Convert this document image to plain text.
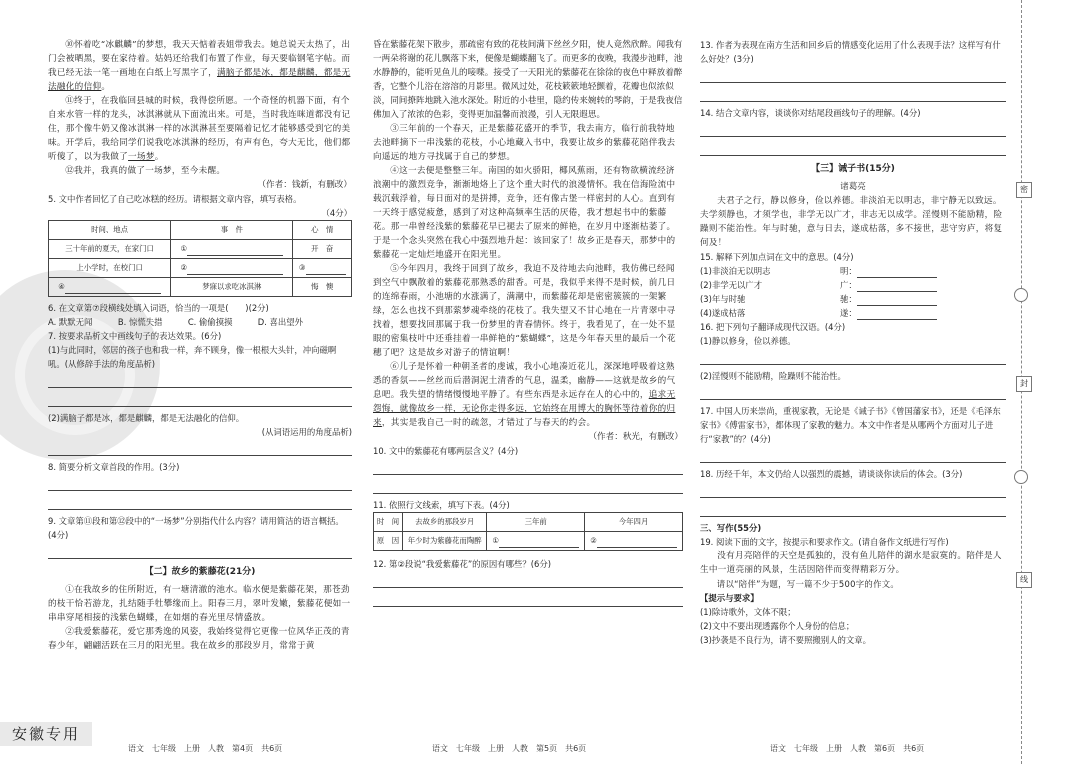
⑩怀着吃“冰麒麟”的梦想，我天天惦着表姐带我去。她总说天太热了，出门会被晒黑，要在家待着。姑妈还给我们布置了作业，每天要临钢笔字帖。而我已经无法一笔一画地在白纸上写黑字了，满脑子都是冰，都是麒麟，都是无法融化的信仰。

⑪终于，在我临回县城的时候，我得偿所愿。一个奇怪的机器下面，有个自来水管一样的龙头，冰淇淋就从下面流出来。可是，当时我连咪道都没有记住，那个像牛奶又像冰淇淋一样的冰淇淋甚至要隔着记忆才能够感受到它的美味。开学后，我给同学们说我吃冰淇淋的经历，有声有色，夸大无比，他们都听傻了，以为我做了一场梦。

⑫我并，我真的做了一场梦，至今未醒。

（作者：钱新，有删改）

5. 文中作者回忆了自己吃冰糕的经历。请根据文章内容，填写表格。

（4分）

时间、地点	事　件	心　情
三十年前的夏天，在家门口	①	开　奋
上小学时，在校门口	②	③
④	梦寐以求吃冰淇淋	悔　懊

6. 在文章第⑦段横线处填入词语，恰当的一项是(　　)(2分)

A. 默默无闻	B. 惊慌失措	C. 偷偷摸摸	D. 喜出望外

7. 按要求品析文中画线句子的表达效果。(6分)

(1)与此同时，邻居的孩子也和我一样，奔不顾身，像一根根大头针，冲向磁啊吼。(从修辞手法的角度品析)

(2)满脑子都是冰，都是麒麟，都是无法融化的信仰。

(从词语运用的角度品析)

8. 简要分析文章首段的作用。(3分)

9. 文章第⑪段和第⑫段中的“一场梦”分别指代什么内容？请用简洁的语言概括。(4分)

【二】故乡的紫藤花(21分)

①在我故乡的住所附近，有一塘清澈的池水。临水便是紫藤花架，那苍劲的枝干恰若游龙，扎结随手牡攀缘而上。阳春三月，翠叶发嫩，紫藤花便如一串串穿尾相接的浅紫色蝴蝶，在如烟的春光里尽情盛放。

②我爱紫藤花，爱它那秀逸的风姿，我始终觉得它更像一位风华正茂的青春少年，翩翩活跃在三月的阳光里。我在故乡的那段岁月，常常于黄

昏在紫藤花架下散步，那疏密有致的花枝间满下丝丝夕阳，使人竟然欣醉。闻我有一两朵将谢的花儿飘落下来，便像是蝴蝶翻飞了。而更多的夜晚，我漫步池畔，池水静静的，能听见鱼儿的唼喋。接受了一天阳光的紫藤花在徐徐的夜色中释放着醉香，它整个儿浴在溶溶的月影里。微风过处，花枝簌簌地轻颤着，花瓣也似浓似淡，同间撩阵地跳入池水深处。附近的小巷里，隐约传来婉转的琴韵，于是我夜信佛加入了浓浓的色彩，变得更加温馨而浪漫，引人无限遐思。

③三年前的一个春天，正是紫藤花盛开的季节，我去南方，临行前我特地去池畔摘下一串浅紫的花枝，小心地藏入书中，我要让故乡的紫藤花陪伴我去向遥远的地方寻找属于自己的梦想。

④这一去便是整整三年。南国的如火骄阳，椰风蕉雨，还有物欲横流经济浪潮中的激烈竞争，渐渐地烙上了这个重大时代的浪漫情怀。我在信海险流中载沉载浮着，每日面对的是拼搏，竞争，还有像古堡一样密封的人心。直到有一天终于感觉疲惫，感到了对这种高频率生活的厌倦，我才想起书中的紫藤花。那一串曾经浅紫的紫藤花早已褪去了原来的鲜艳，在岁月中逐渐枯萎了。于是一个念头突然在我心中强烈地升起：该回家了！故乡正是春天，那梦中的紫藤花一定灿烂地盛开在阳光里。

⑤今年四月，我终于回到了故乡，我迫不及待地去向池畔，我仿佛已经闻到空气中飘散着的紫藤花那熟悉的甜香。可是，我似乎来得不是时候，前几日的连绵春雨，小池塘的水涨满了，满潮中，而紫藤花却是密密簇簇的一架繁绿，怎么也找不到那萦梦魂牵绕的花枝了。我失望又不甘心地在一片青翠中寻找着，想要找回那属于我一份梦里的青春情怀。终于，我看见了，在一处不显眼的密集枝叶中还垂挂着一串鲜艳的“紫蝴蝶”，这是今年春天里的最后一个花穗了吧？这是故乡对游子的情谊啊！

⑥儿子是怀着一种朝圣者的虔诚，我小心地凑近花儿，深深地呼吸着这熟悉的香氛——丝丝而后潜洞泥土清香的气息，温柔，幽静——这就是故乡的气息吧。我失望的情绪慢慢地平静了。有些东西是永远存在人的心中的，追求无怨悔，就像故乡一样，无论你走得多远，它始终在用博大的胸怀等待着你的归来，其实是我自己一时的疏忽，才错过了与春天的约会。

（作者：秋光，有删改）

10. 文中的紫藤花有哪两层含义？(4分)

11. 依照行文线索，填写下表。(4分)

时　间	去故乡的那段岁月	三年前	今年四月
原　因	年少时为紫藤花而陶醉	①	②

12. 第②段说“我爱紫藤花”的原因有哪些？(6分)

13. 作者为表现在南方生活和回乡后的情感变化运用了什么表现手法？这样写有什么好处？(3分)

14. 结合文章内容，谈谈你对结尾段画线句子的理解。(4分)

【三】诫子书(15分)

诸葛亮

夫君子之行，静以修身，俭以养德。非淡泊无以明志，非宁静无以致远。夫学须静也，才须学也，非学无以广才，非志无以成学。淫慢则不能励精，险躁则不能治性。年与时驰，意与日去，遂成枯落，多不接世，悲守穷庐，将复何及！

15. 解释下列加点词在文中的意思。(4分)

(1)非淡泊无以明志	明：

(2)非学无以广才	广：

(3)年与时驰	驰：

(4)遂成枯落	遂：

16. 把下列句子翻译成现代汉语。(4分)

(1)静以修身，俭以养德。

(2)淫慢则不能励精，险躁则不能治性。

17. 中国人历来崇尚，重视家教，无论是《诫子书》《曾国藩家书》，还是《毛泽东家书》《傅雷家书》，都体现了家教的魅力。本文中作者是从哪两个方面对儿子进行“家教”的？(4分)

18. 历经千年，本文仍给人以强烈的震撼，请谈谈你读后的体会。(3分)

三、写作(55分)

19. 阅读下面的文字，按提示和要求作文。(请自备作文纸进行写作)

没有月亮陪伴的天空是孤独的，没有鱼儿陪伴的湖水是寂寞的。陪伴是人生中一道亮丽的风景，生活因陪伴而变得精彩万分。

请以“陪伴”为题，写一篇不少于500字的作文。

【提示与要求】

(1)除诗歌外，文体不限；

(2)文中不要出现透露你个人身份的信息；

(3)抄袭是不良行为，请不要照搬别人的文章。

密
封
线
安徽专用
语文　七年级　上册　人教　第4页　共6页	语文　七年级　上册　人教　第5页　共6页	语文　七年级　上册　人教　第6页　共6页
